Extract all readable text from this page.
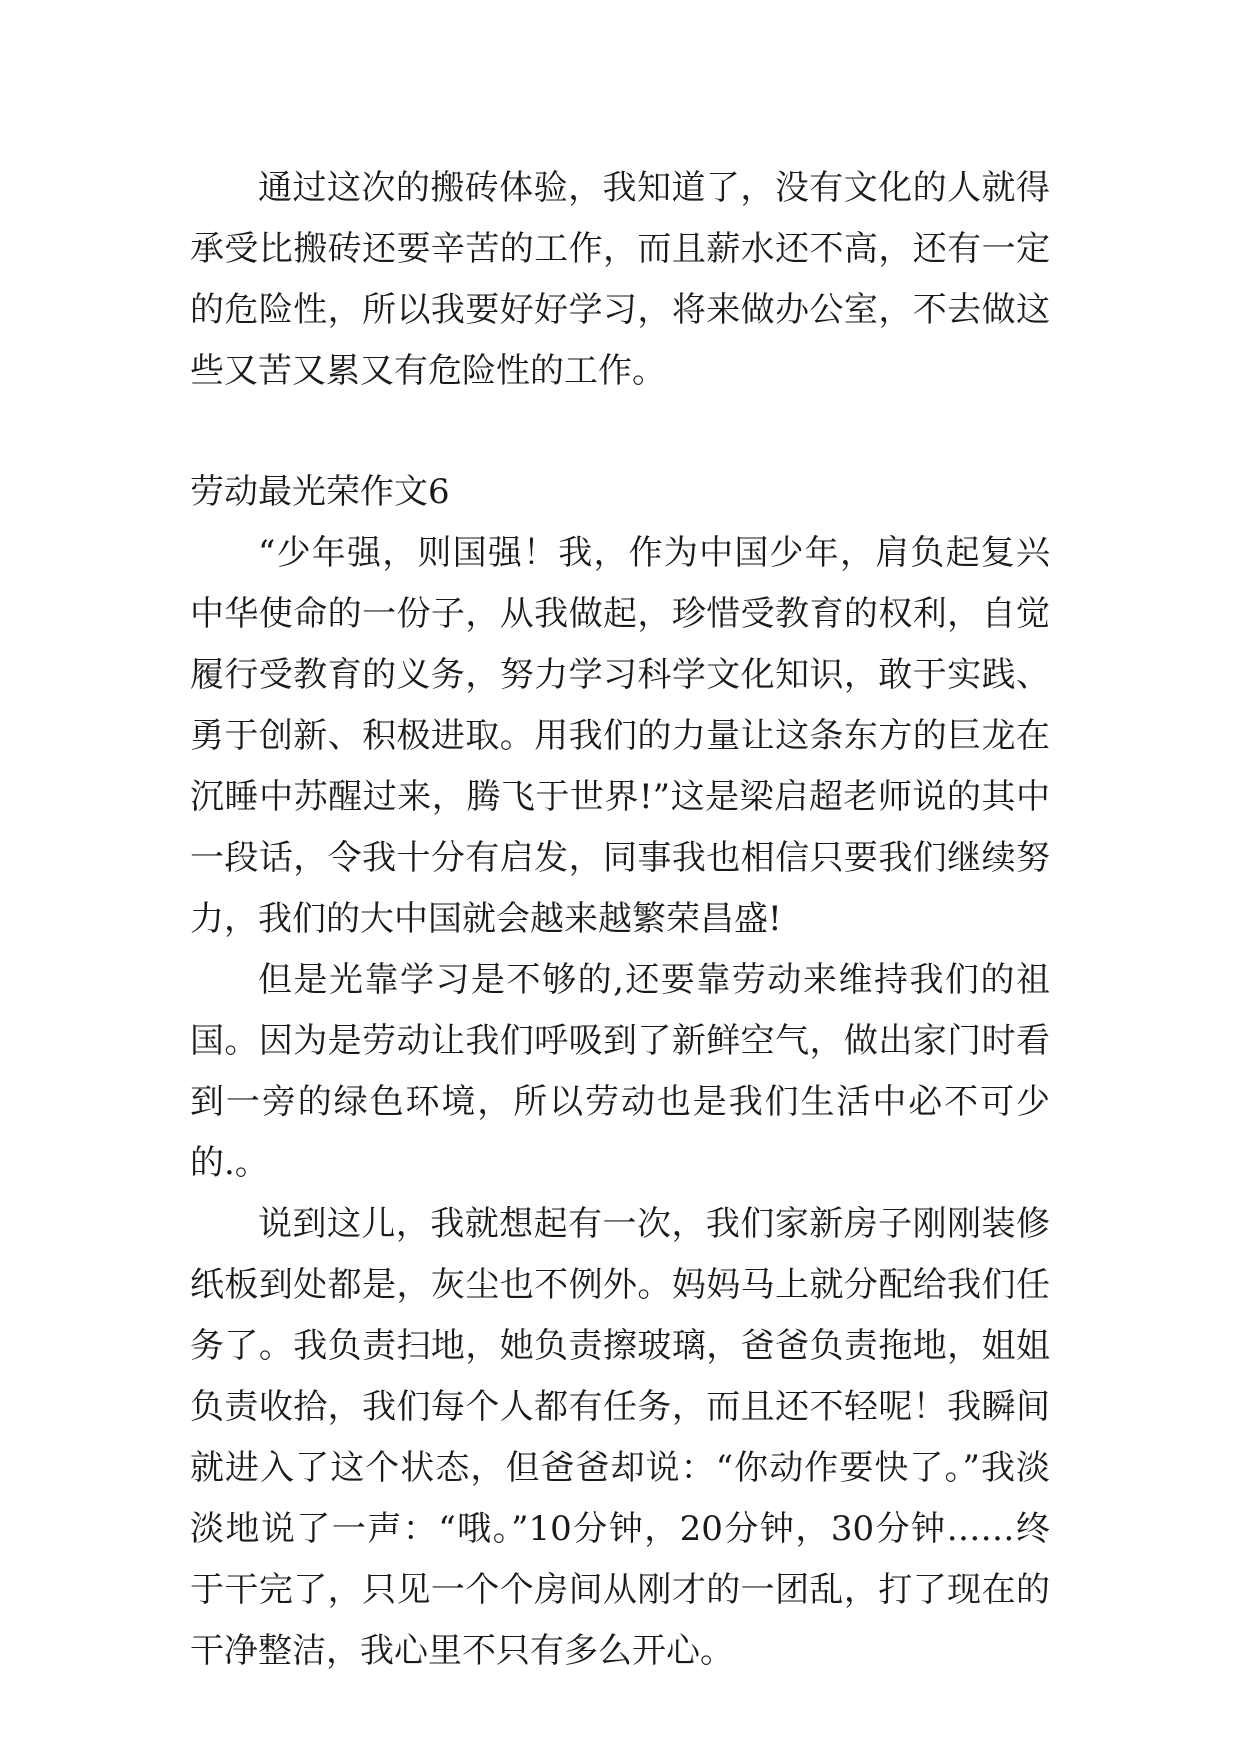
通过这次的搬砖体验，我知道了，没有文化的人就得承受比搬砖还要辛苦的工作，而且薪水还不高，还有一定的危险性，所以我要好好学习，将来做办公室，不去做这些又苦又累又有危险性的工作。

劳动最光荣作文6

“少年强，则国强！我，作为中国少年，肩负起复兴中华使命的一份子，从我做起，珍惜受教育的权利，自觉履行受教育的义务，努力学习科学文化知识，敢于实践、勇于创新、积极进取。用我们的力量让这条东方的巨龙在沉睡中苏醒过来，腾飞于世界!”这是梁启超老师说的其中一段话，令我十分有启发，同事我也相信只要我们继续努力，我们的大中国就会越来越繁荣昌盛!

但是光靠学习是不够的,还要靠劳动来维持我们的祖国。因为是劳动让我们呼吸到了新鲜空气，做出家门时看到一旁的绿色环境，所以劳动也是我们生活中必不可少的.。

说到这儿，我就想起有一次，我们家新房子刚刚装修纸板到处都是，灰尘也不例外。妈妈马上就分配给我们任务了。我负责扫地，她负责擦玻璃，爸爸负责拖地，姐姐负责收拾，我们每个人都有任务，而且还不轻呢！我瞬间就进入了这个状态，但爸爸却说：“你动作要快了。”我淡淡地说了一声：“哦。”10分钟，20分钟，30分钟……终于干完了，只见一个个房间从刚才的一团乱，打了现在的干净整洁，我心里不只有多么开心。
